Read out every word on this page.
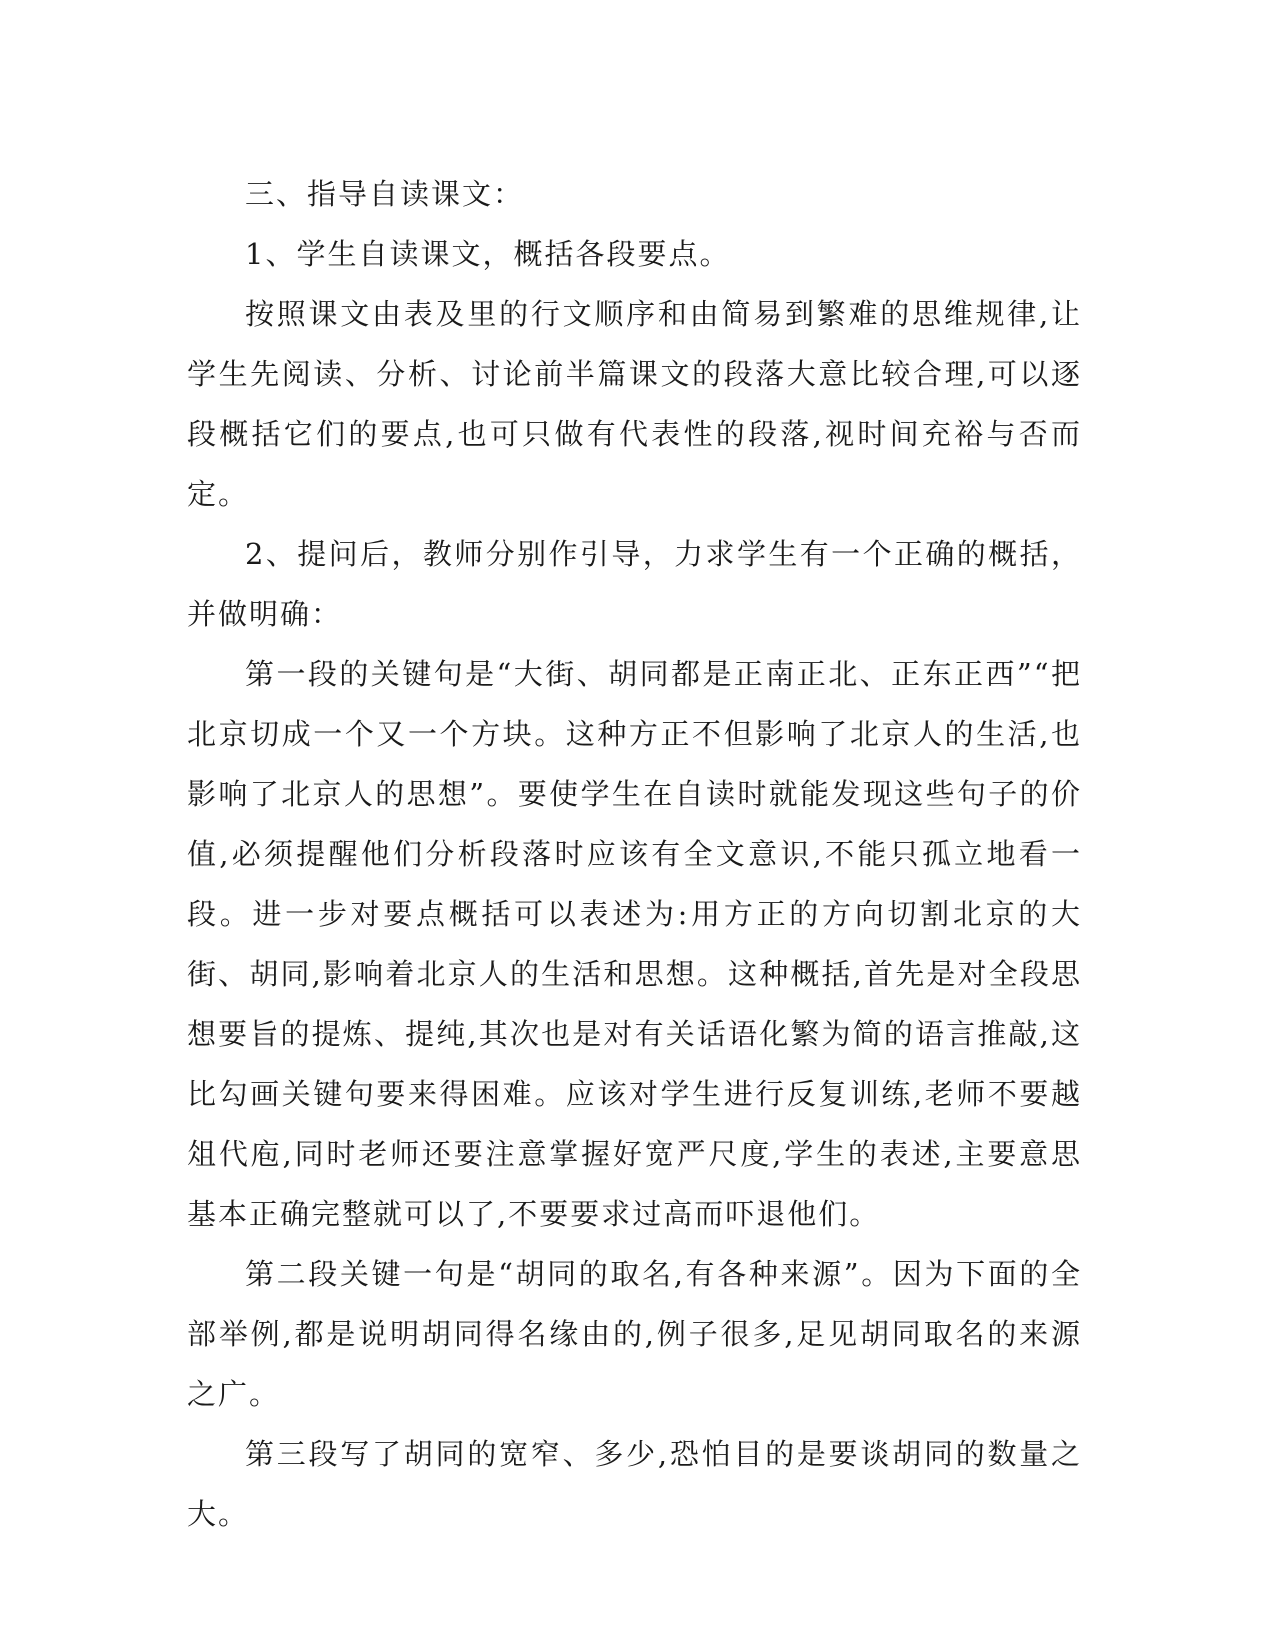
三、指导自读课文：

1、学生自读课文，概括各段要点。

按照课文由表及里的行文顺序和由简易到繁难的思维规律,让学生先阅读、分析、讨论前半篇课文的段落大意比较合理,可以逐段概括它们的要点,也可只做有代表性的段落,视时间充裕与否而定。

2、提问后，教师分别作引导，力求学生有一个正确的概括，并做明确：

第一段的关键句是“大街、胡同都是正南正北、正东正西”“把北京切成一个又一个方块。这种方正不但影响了北京人的生活,也影响了北京人的思想”。要使学生在自读时就能发现这些句子的价值,必须提醒他们分析段落时应该有全文意识,不能只孤立地看一段。进一步对要点概括可以表述为:用方正的方向切割北京的大街、胡同,影响着北京人的生活和思想。这种概括,首先是对全段思想要旨的提炼、提纯,其次也是对有关话语化繁为简的语言推敲,这比勾画关键句要来得困难。应该对学生进行反复训练,老师不要越俎代庖,同时老师还要注意掌握好宽严尺度,学生的表述,主要意思基本正确完整就可以了,不要要求过高而吓退他们。

第二段关键一句是“胡同的取名,有各种来源”。因为下面的全部举例,都是说明胡同得名缘由的,例子很多,足见胡同取名的来源之广。

第三段写了胡同的宽窄、多少,恐怕目的是要谈胡同的数量之大。
